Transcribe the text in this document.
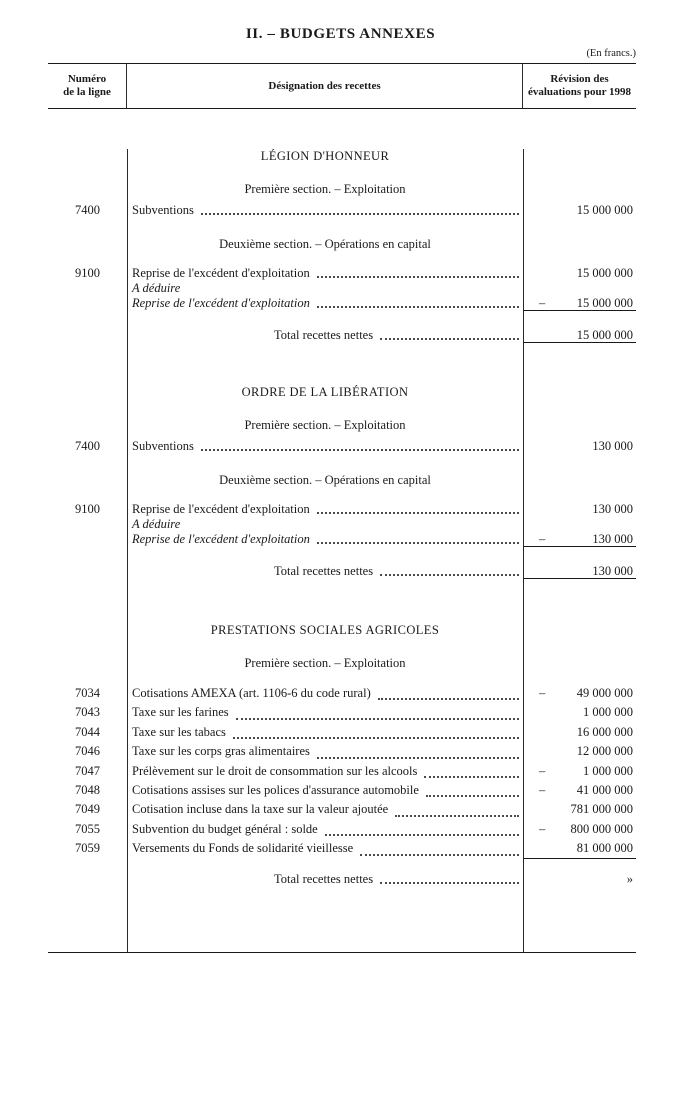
II. – BUDGETS ANNEXES
(En francs.)
Numéro
de la ligne
Désignation des recettes
Révision des
évaluations pour 1998
LÉGION D'HONNEUR
Première section. – Exploitation
7400	Subventions	15 000 000
Deuxième section. – Opérations en capital
9100	Reprise de l'excédent d'exploitation	15 000 000
A déduire
Reprise de l'excédent d'exploitation	–	15 000 000
Total recettes nettes	15 000 000
ORDRE DE LA LIBÉRATION
Première section. – Exploitation
7400	Subventions	130 000
Deuxième section. – Opérations en capital
9100	Reprise de l'excédent d'exploitation	130 000
A déduire
Reprise de l'excédent d'exploitation	–	130 000
Total recettes nettes	130 000
PRESTATIONS SOCIALES AGRICOLES
Première section. – Exploitation
7034	Cotisations AMEXA (art. 1106-6 du code rural)	–	49 000 000
7043	Taxe sur les farines	1 000 000
7044	Taxe sur les tabacs	16 000 000
7046	Taxe sur les corps gras alimentaires	12 000 000
7047	Prélèvement sur le droit de consommation sur les alcools	–	1 000 000
7048	Cotisations assises sur les polices d'assurance automobile	–	41 000 000
7049	Cotisation incluse dans la taxe sur la valeur ajoutée	781 000 000
7055	Subvention du budget général : solde	– 800 000 000
7059	Versements du Fonds de solidarité vieillesse	81 000 000
Total recettes nettes	»
